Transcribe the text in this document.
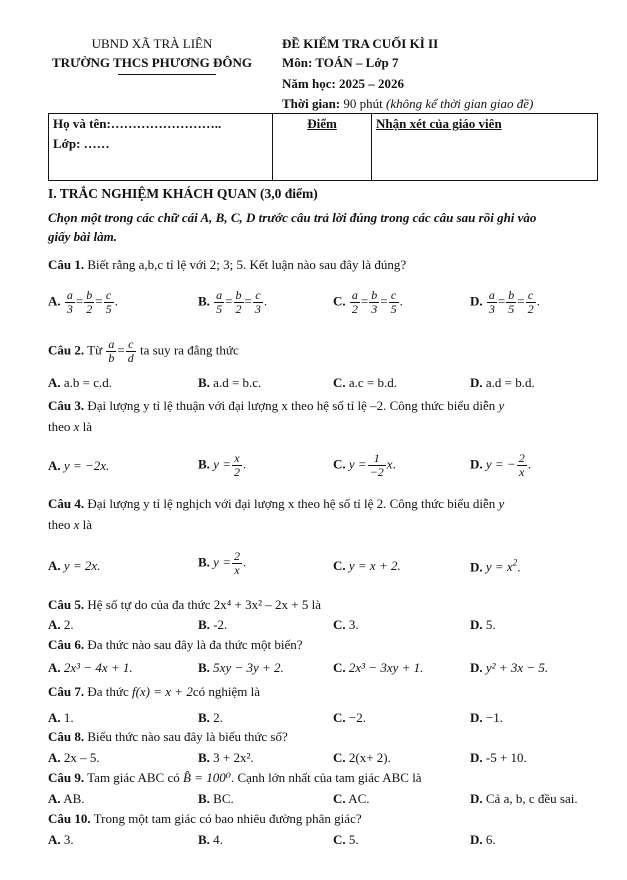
UBND XÃ TRÀ LIÊN
TRƯỜNG THCS PHƯƠNG ĐÔNG
ĐỀ KIỂM TRA CUỐI KÌ II
Môn: TOÁN – Lớp 7
Năm học: 2025 – 2026
Thời gian: 90 phút (không kể thời gian giao đề)
Họ và tên:……………………..
Lớp: ……
	Điểm	Nhận xét của giáo viên
I. TRẮC NGHIỆM KHÁCH QUAN (3,0 điểm)
Chọn một trong các chữ cái A, B, C, D trước câu trả lời đúng trong các câu sau rồi ghi vào
giấy bài làm.
Câu 1. Biết rằng a,b,c tỉ lệ với 2; 3; 5. Kết luận nào sau đây là đúng?
A. $\frac{a}{3} = \frac{b}{2} = \frac{c}{5}$ .	B. $\frac{a}{5} = \frac{b}{2} = \frac{c}{3}$ .	C. $\frac{a}{2} = \frac{b}{3} = \frac{c}{5}$ .	D. $\frac{a}{3} = \frac{b}{5} = \frac{c}{2}$ .
Câu 2. Từ $\frac{a}{b} = \frac{c}{d}$ ta suy ra đẳng thức
A. a.b = c.d.	B. a.d = b.c.	C. a.c = b.d.	D. a.d = b.d.
Câu 3. Đại lượng y tỉ lệ thuận với đại lượng x theo hệ số tỉ lệ –2. Công thức biểu diễn y
theo x là
A. y = −2x.	B. $y = \frac{x}{2}$ .	C. $y = \frac{1}{-2} x$.	D. y = − $\frac{2}{x}$ .
Câu 4. Đại lượng y tỉ lệ nghịch với đại lượng x theo hệ số tỉ lệ 2. Công thức biểu diễn y
theo x là
A. y = 2x.	B. $y = \frac{2}{x}$ .	C. y = x + 2.	D. $y = x^2$.
Câu 5. Hệ số tự do của đa thức 2x⁴ + 3x² – 2x + 5 là
A. 2.	B. -2.	C. 3.	D. 5.
Câu 6. Đa thức nào sau đây là đa thức một biến?
A. 2x³ − 4x + 1.	B. 5xy − 3y + 2.	C. 2x³ − 3xy + 1.	D. y² + 3x − 5.
Câu 7. Đa thức f(x) = x + 2có nghiệm là
A. 1.	B. 2.	C. −2.	D. −1.
Câu 8. Biểu thức nào sau đây là biểu thức số?
A. 2x – 5.	B. 3 + 2x².	C. 2(x+ 2).	D. -5 + 10.
Câu 9. Tam giác ABC có B̂ = 100⁰. Cạnh lớn nhất của tam giác ABC là
A. AB.	B. BC.	C. AC.	D. Cả a, b, c đều sai.
Câu 10. Trong một tam giác có bao nhiêu đường phân giác?
A. 3.	B. 4.	C. 5.	D. 6.
